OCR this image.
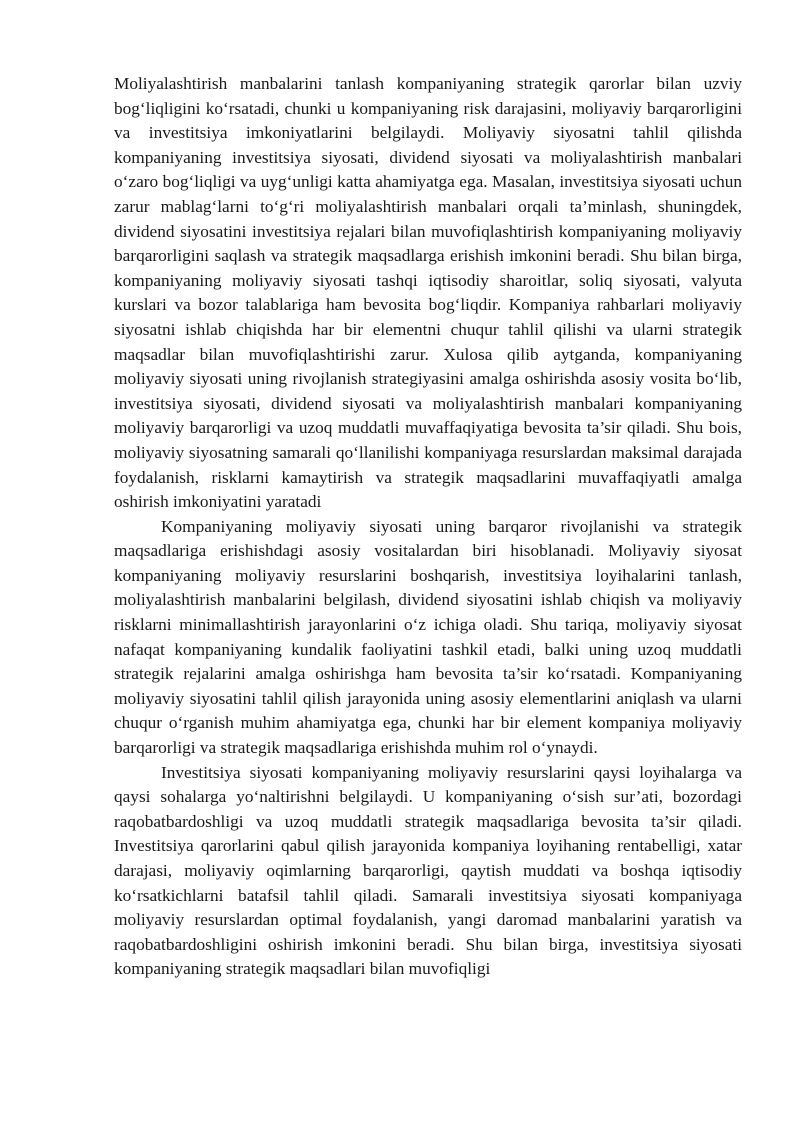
Moliyalashtirish manbalarini tanlash kompaniyaning strategik qarorlar bilan uzviy bog‘liqligini ko‘rsatadi, chunki u kompaniyaning risk darajasini, moliyaviy barqarorligini va investitsiya imkoniyatlarini belgilaydi. Moliyaviy siyosatni tahlil qilishda kompaniyaning investitsiya siyosati, dividend siyosati va moliyalashtirish manbalari o‘zaro bog‘liqligi va uyg‘unligi katta ahamiyatga ega. Masalan, investitsiya siyosati uchun zarur mablag‘larni to‘g‘ri moliyalashtirish manbalari orqali ta’minlash, shuningdek, dividend siyosatini investitsiya rejalari bilan muvofiqlashtirish kompaniyaning moliyaviy barqarorligini saqlash va strategik maqsadlarga erishish imkonini beradi. Shu bilan birga, kompaniyaning moliyaviy siyosati tashqi iqtisodiy sharoitlar, soliq siyosati, valyuta kurslari va bozor talablariga ham bevosita bog‘liqdir. Kompaniya rahbarlari moliyaviy siyosatni ishlab chiqishda har bir elementni chuqur tahlil qilishi va ularni strategik maqsadlar bilan muvofiqlashtirishi zarur. Xulosa qilib aytganda, kompaniyaning moliyaviy siyosati uning rivojlanish strategiyasini amalga oshirishda asosiy vosita bo‘lib, investitsiya siyosati, dividend siyosati va moliyalashtirish manbalari kompaniyaning moliyaviy barqarorligi va uzoq muddatli muvaffaqiyatiga bevosita ta’sir qiladi. Shu bois, moliyaviy siyosatning samarali qo‘llanilishi kompaniyaga resurslardan maksimal darajada foydalanish, risklarni kamaytirish va strategik maqsadlarini muvaffaqiyatli amalga oshirish imkoniyatini yaratadi

Kompaniyaning moliyaviy siyosati uning barqaror rivojlanishi va strategik maqsadlariga erishishdagi asosiy vositalardan biri hisoblanadi. Moliyaviy siyosat kompaniyaning moliyaviy resurslarini boshqarish, investitsiya loyihalarini tanlash, moliyalashtirish manbalarini belgilash, dividend siyosatini ishlab chiqish va moliyaviy risklarni minimallashtirish jarayonlarini o‘z ichiga oladi. Shu tariqa, moliyaviy siyosat nafaqat kompaniyaning kundalik faoliyatini tashkil etadi, balki uning uzoq muddatli strategik rejalarini amalga oshirishga ham bevosita ta’sir ko‘rsatadi. Kompaniyaning moliyaviy siyosatini tahlil qilish jarayonida uning asosiy elementlarini aniqlash va ularni chuqur o‘rganish muhim ahamiyatga ega, chunki har bir element kompaniya moliyaviy barqarorligi va strategik maqsadlariga erishishda muhim rol o‘ynaydi.

Investitsiya siyosati kompaniyaning moliyaviy resurslarini qaysi loyihalarga va qaysi sohalarga yo‘naltirishni belgilaydi. U kompaniyaning o‘sish sur’ati, bozordagi raqobatbardoshligi va uzoq muddatli strategik maqsadlariga bevosita ta’sir qiladi. Investitsiya qarorlarini qabul qilish jarayonida kompaniya loyihaning rentabelligi, xatar darajasi, moliyaviy oqimlarning barqarorligi, qaytish muddati va boshqa iqtisodiy ko‘rsatkichlarni batafsil tahlil qiladi. Samarali investitsiya siyosati kompaniyaga moliyaviy resurslardan optimal foydalanish, yangi daromad manbalarini yaratish va raqobatbardoshligini oshirish imkonini beradi. Shu bilan birga, investitsiya siyosati kompaniyaning strategik maqsadlari bilan muvofiqligi
